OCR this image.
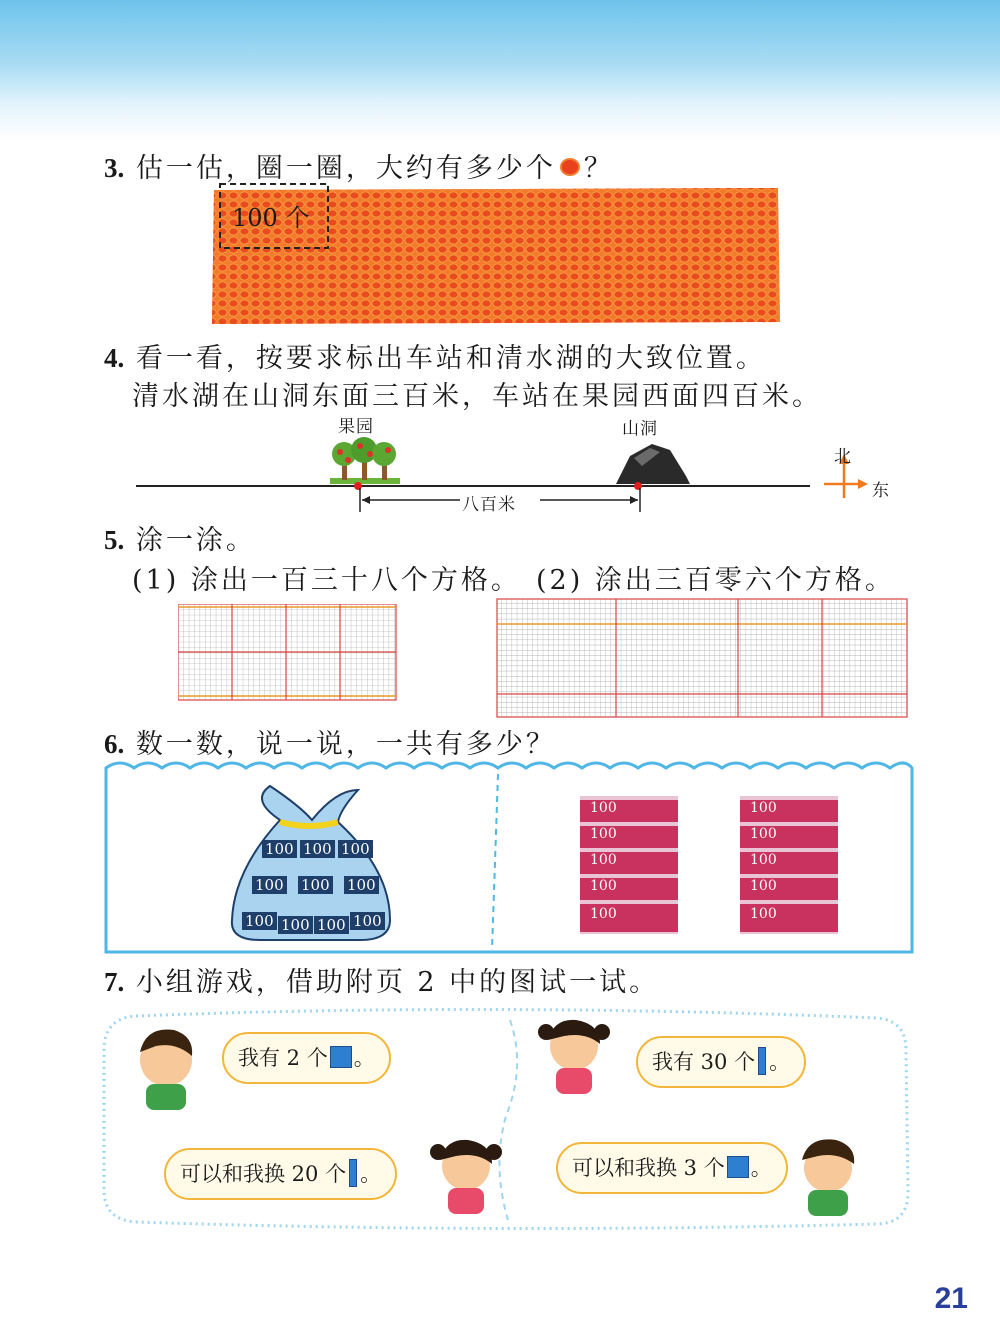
3. 估一估，圈一圈，大约有多少个 ？
100 个
4. 看一看，按要求标出车站和清水湖的大致位置。
清水湖在山洞东面三百米，车站在果园西面四百米。
果园	山洞
八百米
北
东
5. 涂一涂。
(1) 涂出一百三十八个方格。 (2) 涂出三百零六个方格。
6. 数一数，说一说，一共有多少？
100 100 100
100 100 100
100 100 100 100
100
100
100
100
100
100
100
100
100
100
7. 小组游戏，借助附页 2 中的图试一试。
我有 2 个 。
可以和我换 20 个 。
我有 30 个 。
可以和我换 3 个 。
21
